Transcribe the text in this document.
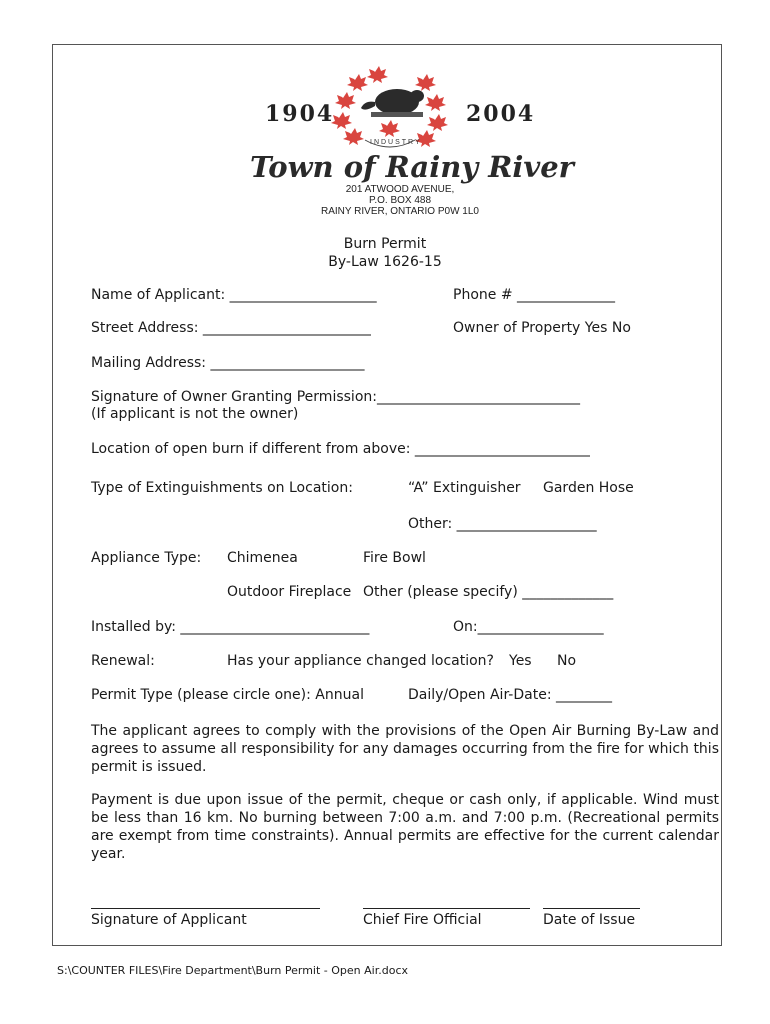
1904	2004
INDUSTRY
Town of Rainy River
201 ATWOOD AVENUE,
P.O. BOX 488
RAINY RIVER, ONTARIO P0W 1L0
Burn Permit
By-Law 1626-15
Name of Applicant: _____________________	Phone # ______________
Street Address: ________________________	Owner of Property Yes No
Mailing Address: ______________________
Signature of Owner Granting Permission:_____________________________
(If applicant is not the owner)
Location of open burn if different from above: _________________________
Type of Extinguishments on Location:	“A” Extinguisher Garden Hose
Other: ____________________
Appliance Type: Chimenea	Fire Bowl
Outdoor Fireplace Other (please specify) _____________
Installed by: ___________________________	On:__________________
Renewal:	Has your appliance changed location? Yes No
Permit Type (please circle one): Annual	Daily/Open Air-Date: ________
The applicant agrees to comply with the provisions of the Open Air Burning By-Law and agrees to assume all responsibility for any damages occurring from the fire for which this permit is issued.
Payment is due upon issue of the permit, cheque or cash only, if applicable. Wind must be less than 16 km. No burning between 7:00 a.m. and 7:00 p.m. (Recreational permits are exempt from time constraints). Annual permits are effective for the current calendar year.
Signature of Applicant	Chief Fire Official	Date of Issue
S:\COUNTER FILES\Fire Department\Burn Permit - Open Air.docx
